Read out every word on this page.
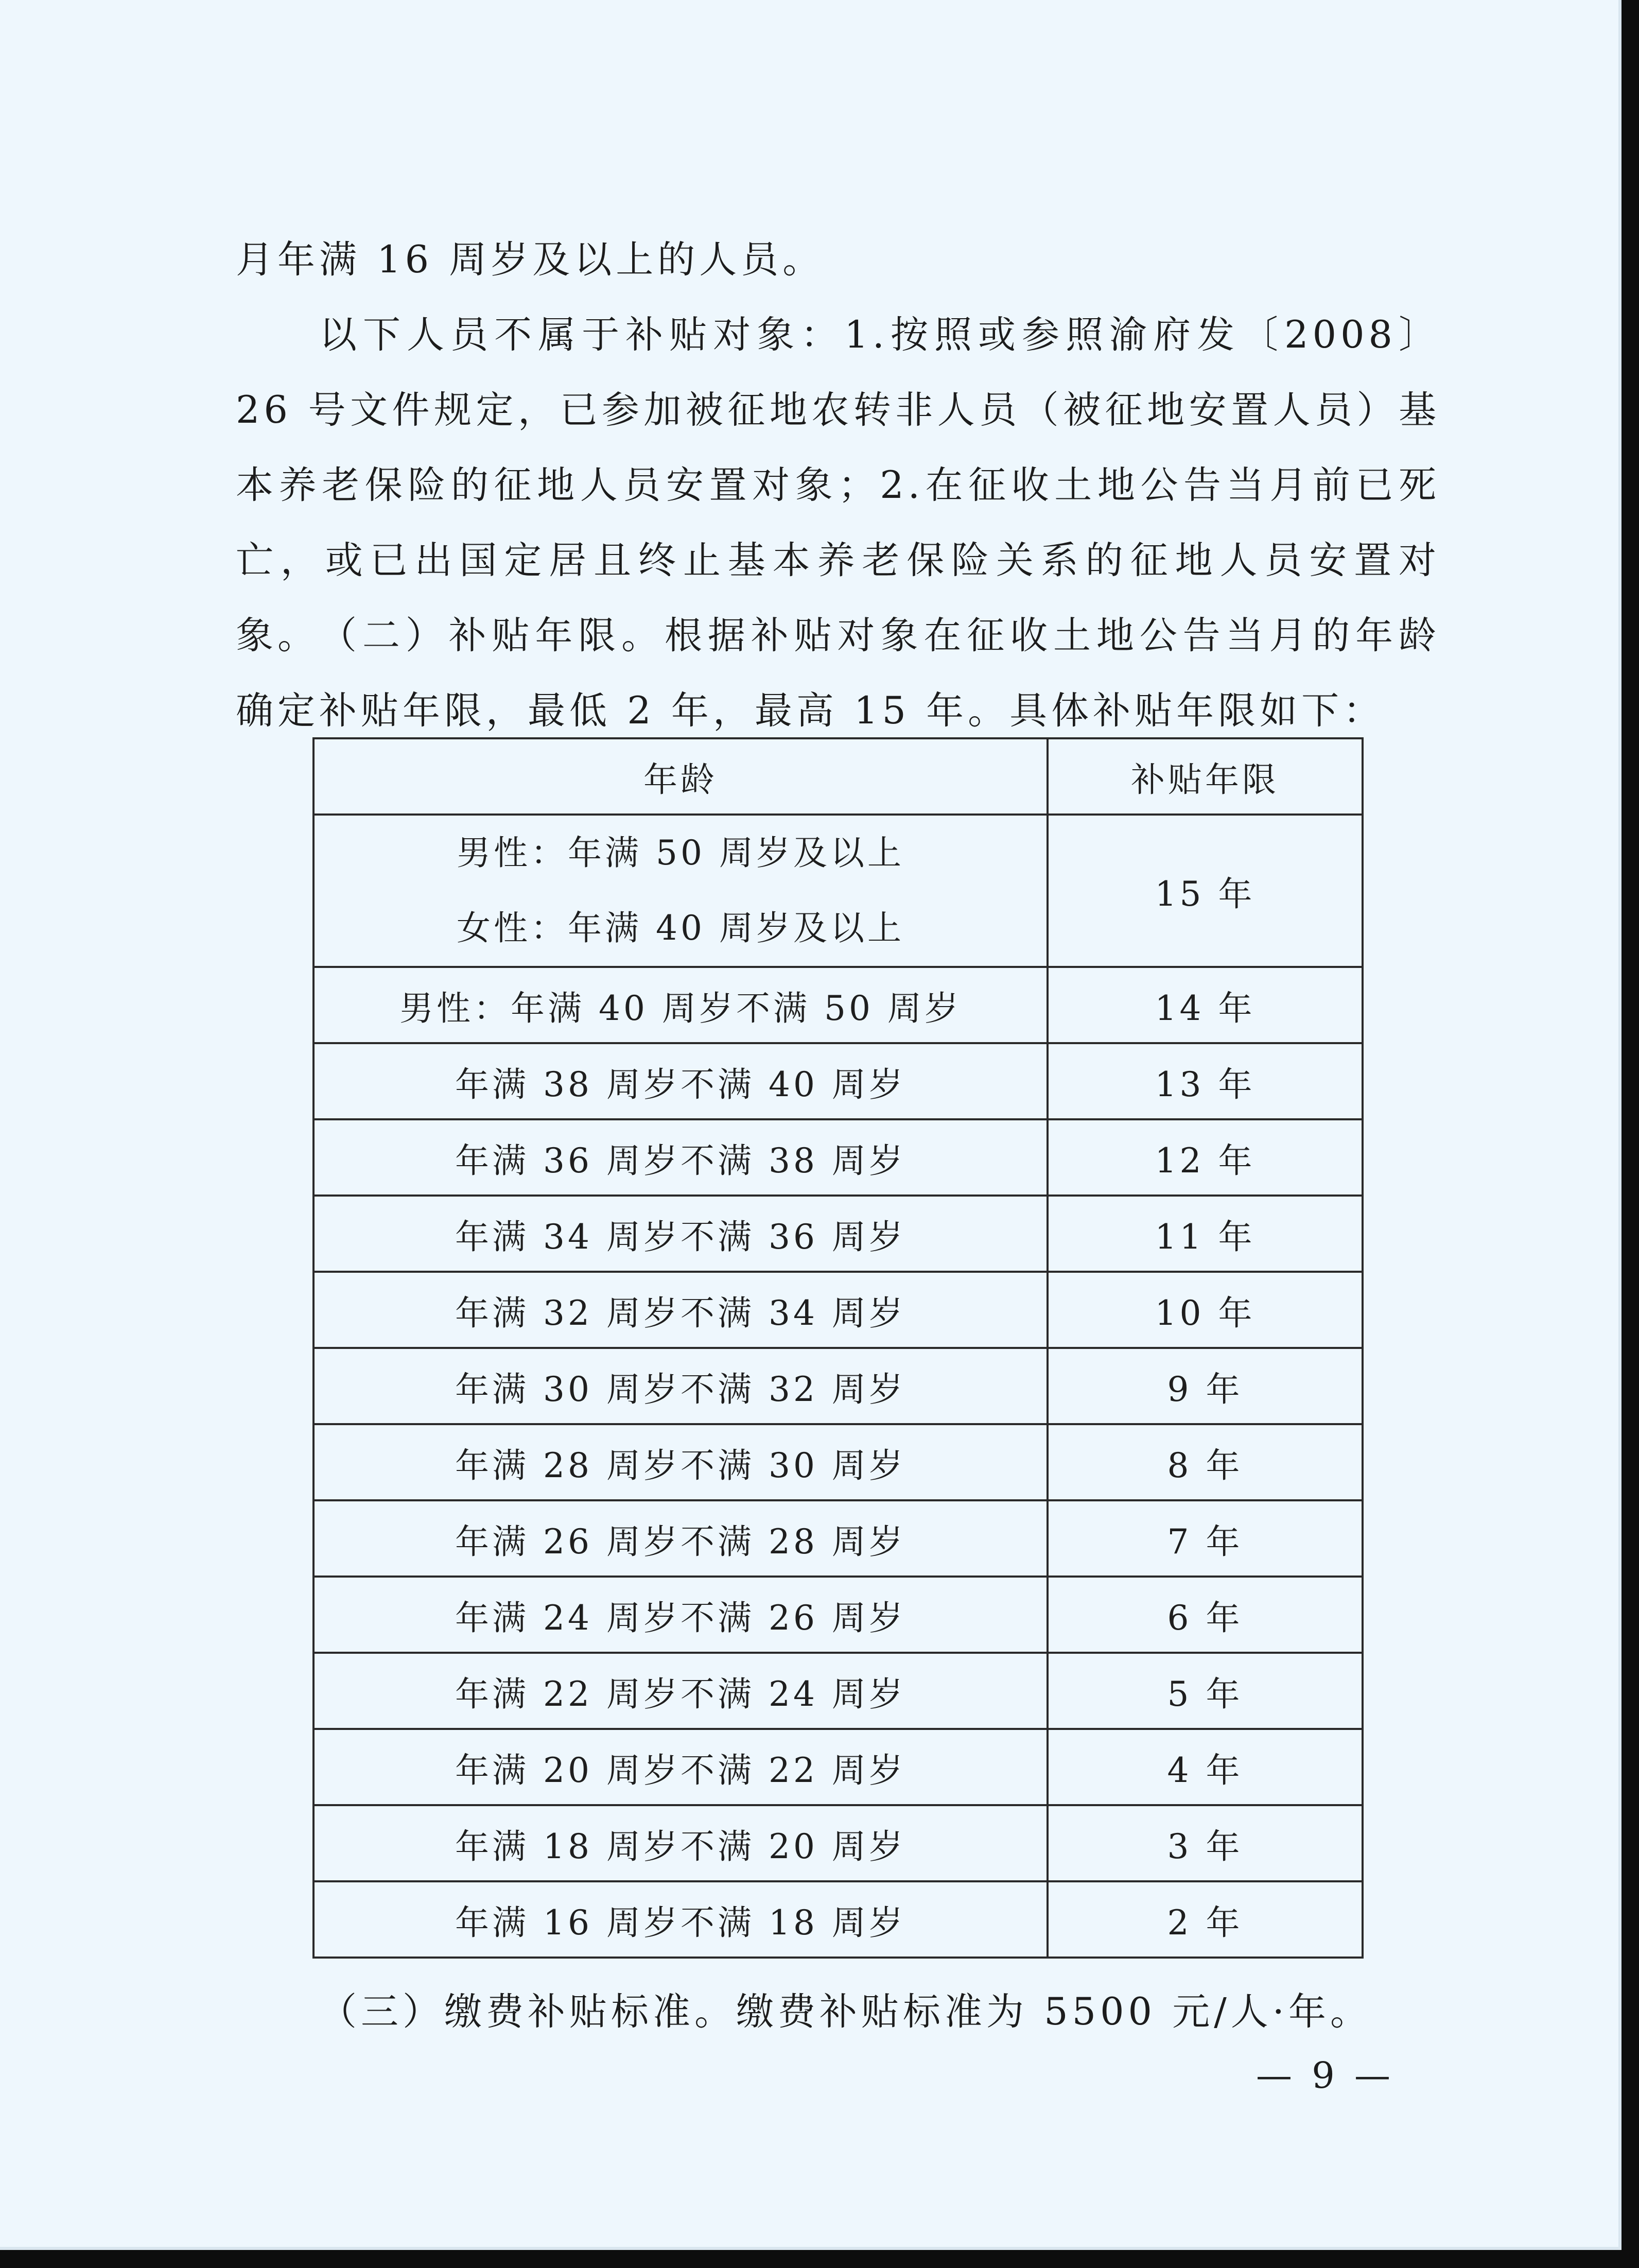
月年满 16 周岁及以上的人员。

以下人员不属于补贴对象：1.按照或参照渝府发〔2008〕26 号文件规定，已参加被征地农转非人员（被征地安置人员）基本养老保险的征地人员安置对象；2.在征收土地公告当月前已死亡，或已出国定居且终止基本养老保险关系的征地人员安置对象。 （二）补贴年限。根据补贴对象在征收土地公告当月的年龄确定补贴年限，最低 2 年，最高 15 年。具体补贴年限如下：

年龄	补贴年限

男性：年满 50 周岁及以上
女性：年满 40 周岁及以上	15 年
男性：年满 40 周岁不满 50 周岁	14 年
年满 38 周岁不满 40 周岁	13 年
年满 36 周岁不满 38 周岁	12 年
年满 34 周岁不满 36 周岁	11 年
年满 32 周岁不满 34 周岁	10 年
年满 30 周岁不满 32 周岁	9 年
年满 28 周岁不满 30 周岁	8 年
年满 26 周岁不满 28 周岁	7 年
年满 24 周岁不满 26 周岁	6 年
年满 22 周岁不满 24 周岁	5 年
年满 20 周岁不满 22 周岁	4 年
年满 18 周岁不满 20 周岁	3 年
年满 16 周岁不满 18 周岁	2 年

（三）缴费补贴标准。缴费补贴标准为 5500 元/人·年。

— 9 —
